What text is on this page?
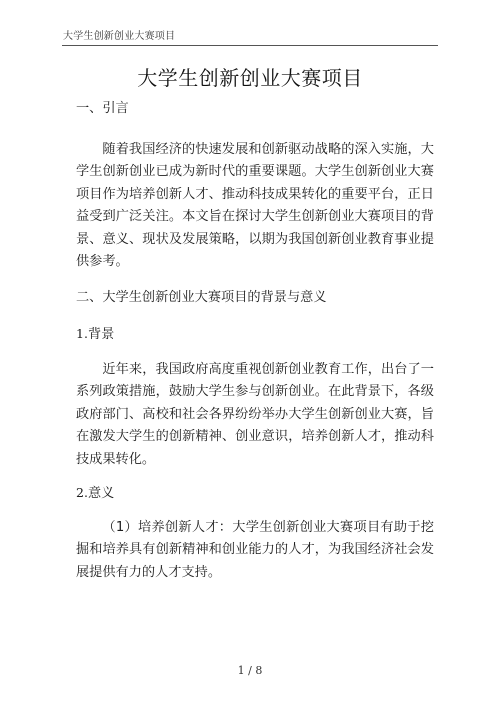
大学生创新创业大赛项目
大学生创新创业大赛项目
一、引言
随着我国经济的快速发展和创新驱动战略的深入实施，大学生创新创业已成为新时代的重要课题。大学生创新创业大赛项目作为培养创新人才、推动科技成果转化的重要平台，正日益受到广泛关注。本文旨在探讨大学生创新创业大赛项目的背景、意义、现状及发展策略，以期为我国创新创业教育事业提供参考。
二、大学生创新创业大赛项目的背景与意义
1.背景
近年来，我国政府高度重视创新创业教育工作，出台了一系列政策措施，鼓励大学生参与创新创业。在此背景下，各级政府部门、高校和社会各界纷纷举办大学生创新创业大赛，旨在激发大学生的创新精神、创业意识，培养创新人才，推动科技成果转化。
2.意义
（1）培养创新人才：大学生创新创业大赛项目有助于挖掘和培养具有创新精神和创业能力的人才，为我国经济社会发展提供有力的人才支持。
1 / 8
